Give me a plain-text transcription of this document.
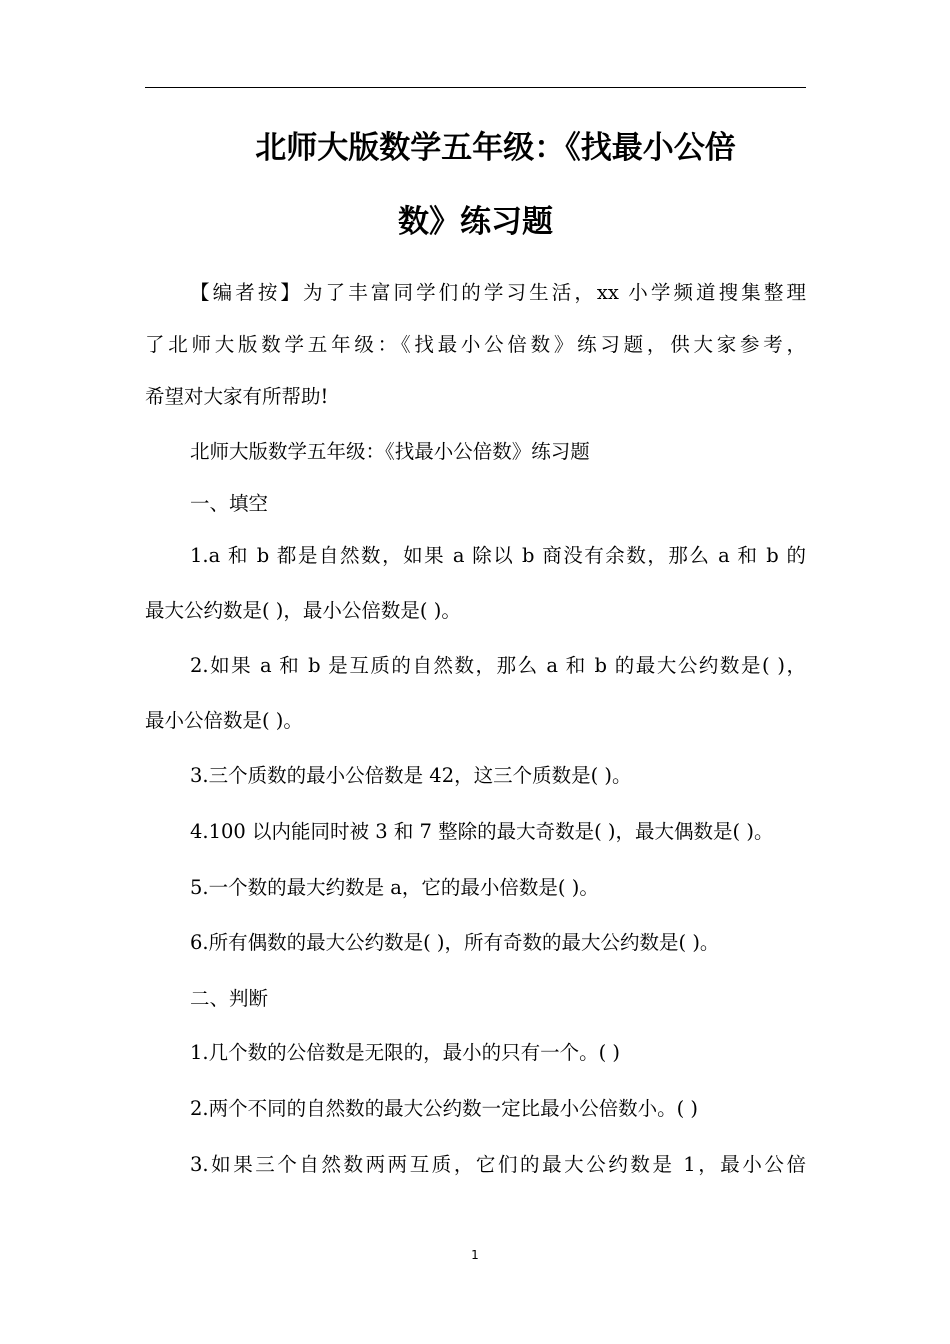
北师大版数学五年级：《找最小公倍
数》练习题
【编者按】为了丰富同学们的学习生活，xx 小学频道搜集整理
了北师大版数学五年级：《找最小公倍数》练习题，供大家参考，
希望对大家有所帮助!
北师大版数学五年级：《找最小公倍数》练习题
一、填空
1.a 和 b 都是自然数，如果 a 除以 b 商没有余数，那么 a 和 b 的
最大公约数是( )，最小公倍数是( )。
2.如果 a 和 b 是互质的自然数，那么 a 和 b 的最大公约数是( )，
最小公倍数是( )。
3.三个质数的最小公倍数是 42，这三个质数是( )。
4.100 以内能同时被 3 和 7 整除的最大奇数是( )，最大偶数是( )。
5.一个数的最大约数是 a，它的最小倍数是( )。
6.所有偶数的最大公约数是( )，所有奇数的最大公约数是( )。
二、判断
1.几个数的公倍数是无限的，最小的只有一个。( )
2.两个不同的自然数的最大公约数一定比最小公倍数小。( )
3.如果三个自然数两两互质，它们的最大公约数是 1，最小公倍
1
